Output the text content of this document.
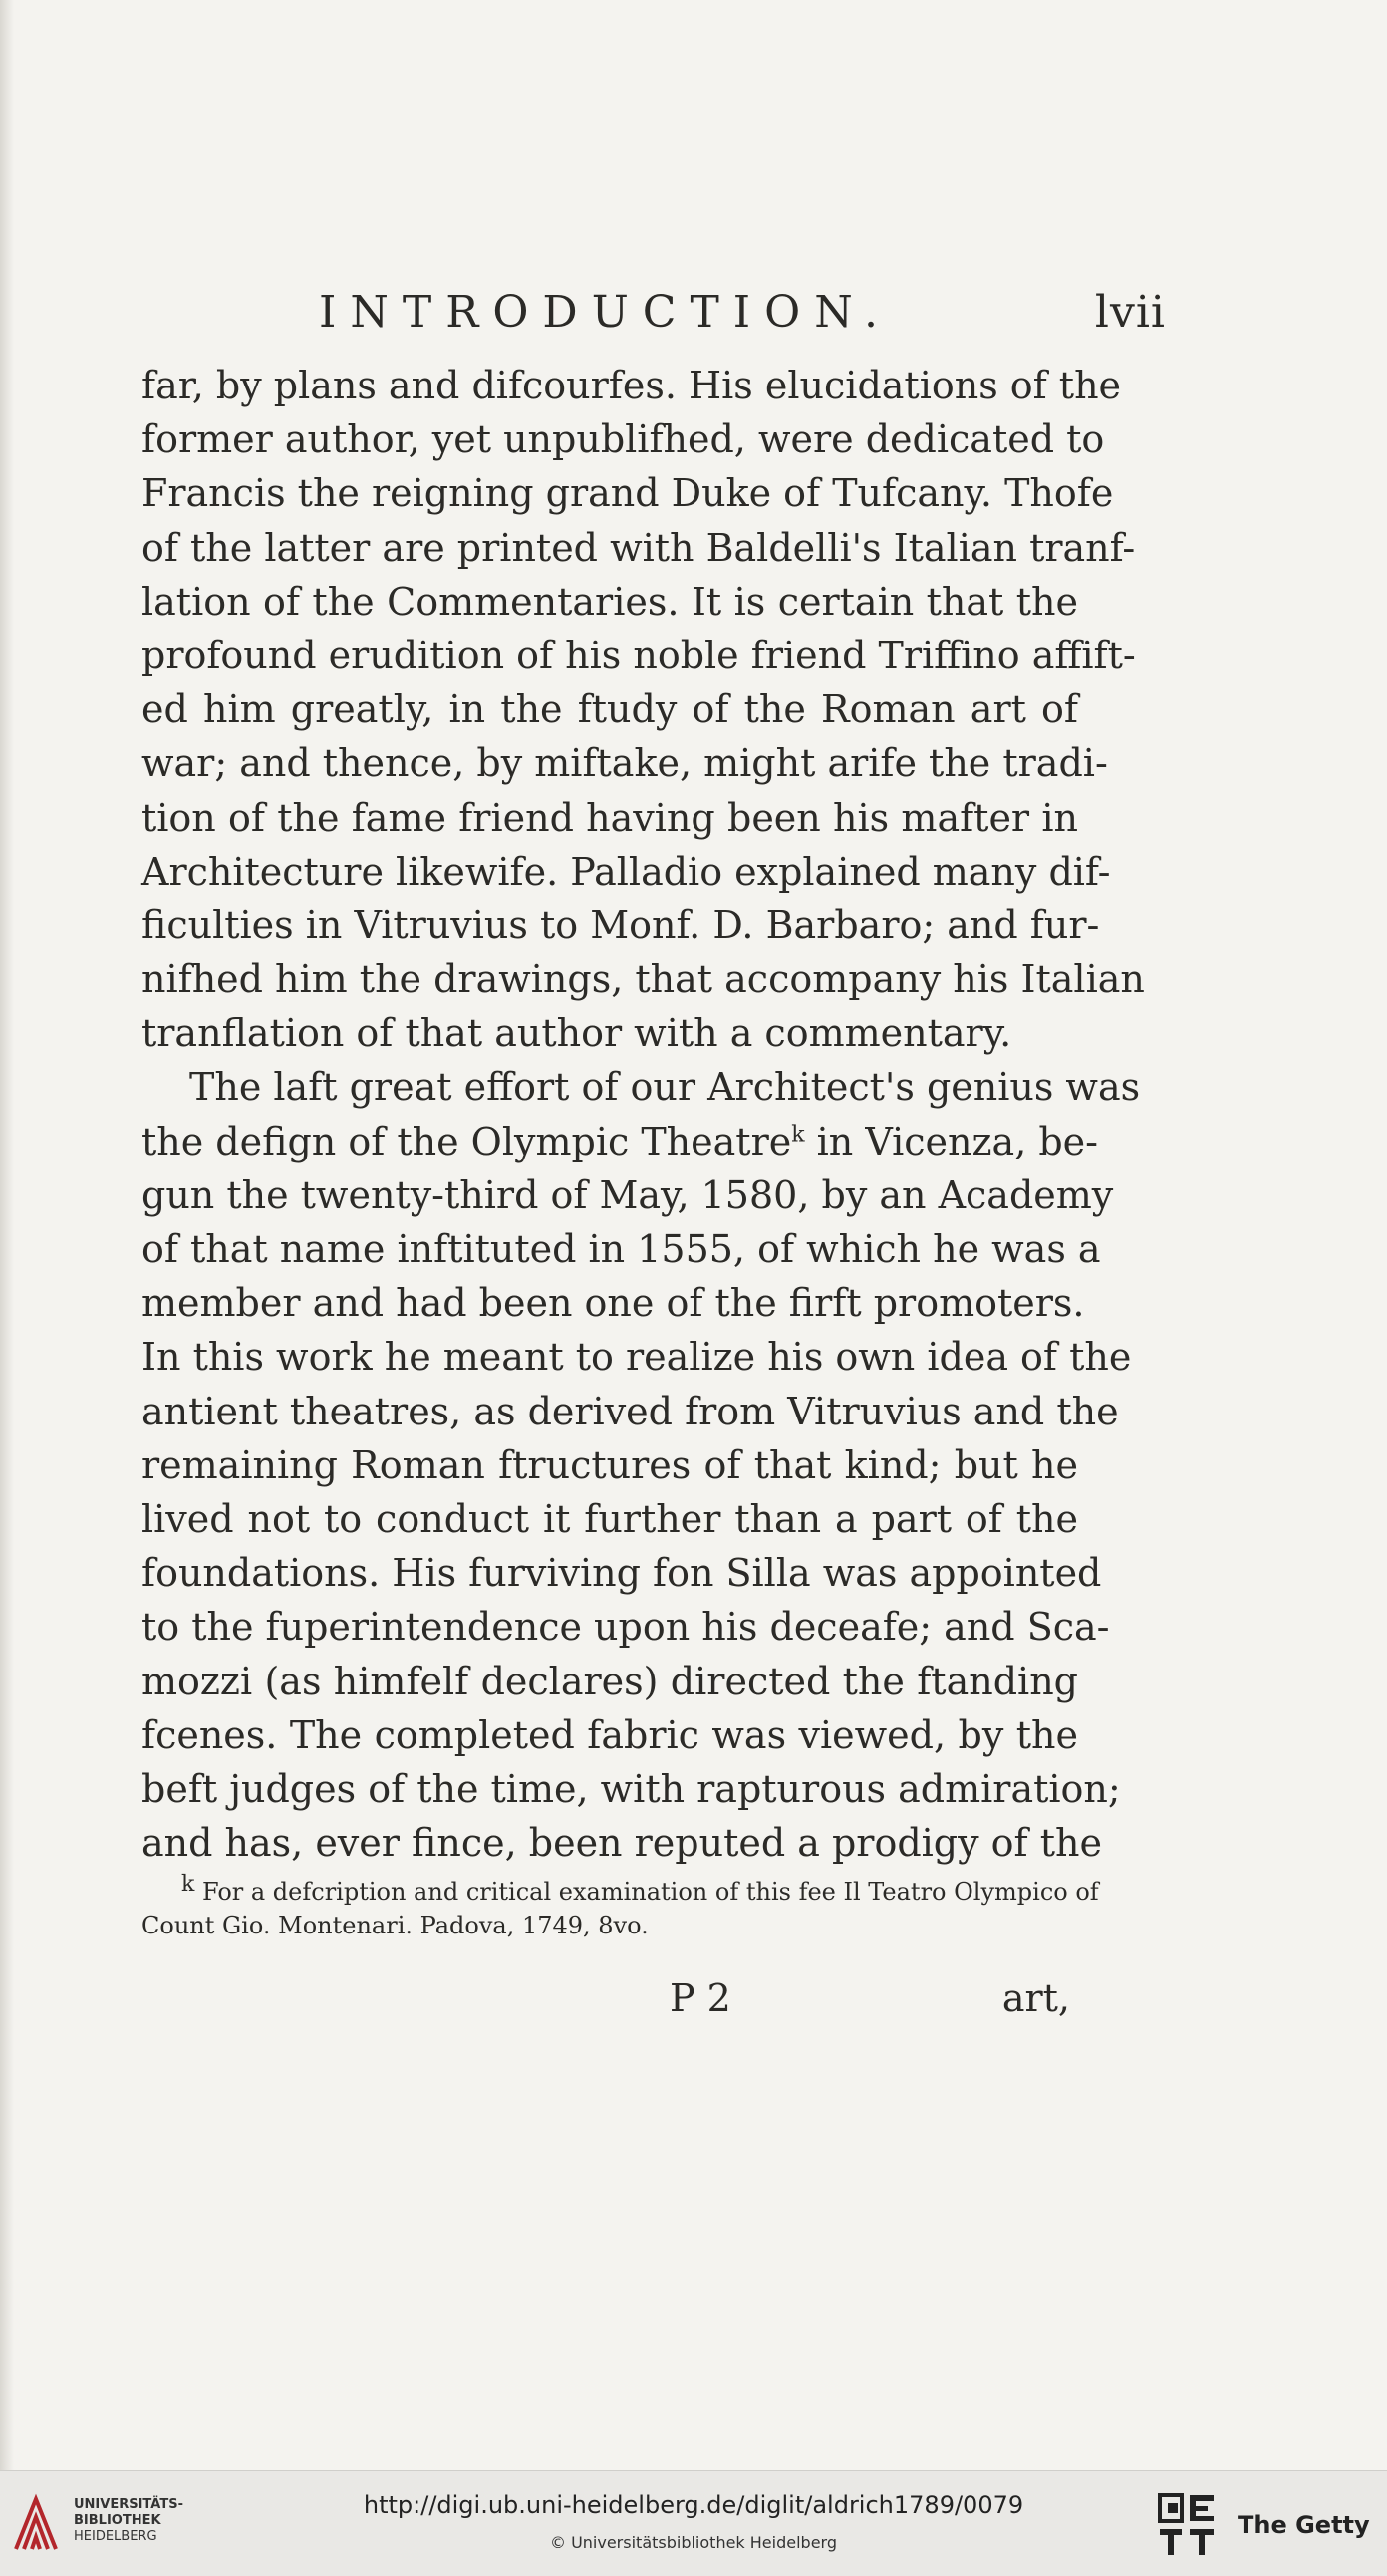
INTRODUCTION.	lvii
far, by plans and difcourfes. His elucidations of the
former author, yet unpublifhed, were dedicated to
Francis the reigning grand Duke of Tufcany. Thofe
of the latter are printed with Baldelli's Italian tranf-
lation of the Commentaries. It is certain that the
profound erudition of his noble friend Triffino affift-
ed him greatly, in the ftudy of the Roman art of
war; and thence, by miftake, might arife the tradi-
tion of the fame friend having been his mafter in
Architecture likewife. Palladio explained many dif-
ficulties in Vitruvius to Monf. D. Barbaro; and fur-
nifhed him the drawings, that accompany his Italian
tranflation of that author with a commentary.
The laft great effort of our Architect's genius was
the defign of the Olympic Theatre$^k$ in Vicenza, be-
gun the twenty-third of May, 1580, by an Academy
of that name inftituted in 1555, of which he was a
member and had been one of the firft promoters.
In this work he meant to realize his own idea of the
antient theatres, as derived from Vitruvius and the
remaining Roman ftructures of that kind; but he
lived not to conduct it further than a part of the
foundations. His furviving fon Silla was appointed
to the fuperintendence upon his deceafe; and Sca-
mozzi (as himfelf declares) directed the ftanding
fcenes. The completed fabric was viewed, by the
beft judges of the time, with rapturous admiration;
and has, ever fince, been reputed a prodigy of the
$^k$ For a defcription and critical examination of this fee Il Teatro Olympico of
Count Gio. Montenari. Padova, 1749, 8vo.
P 2	art,
UNIVERSITÄTS-
BIBLIOTHEK
HEIDELBERG
http://digi.ub.uni-heidelberg.de/diglit/aldrich1789/0079
© Universitätsbibliothek Heidelberg
The Getty
